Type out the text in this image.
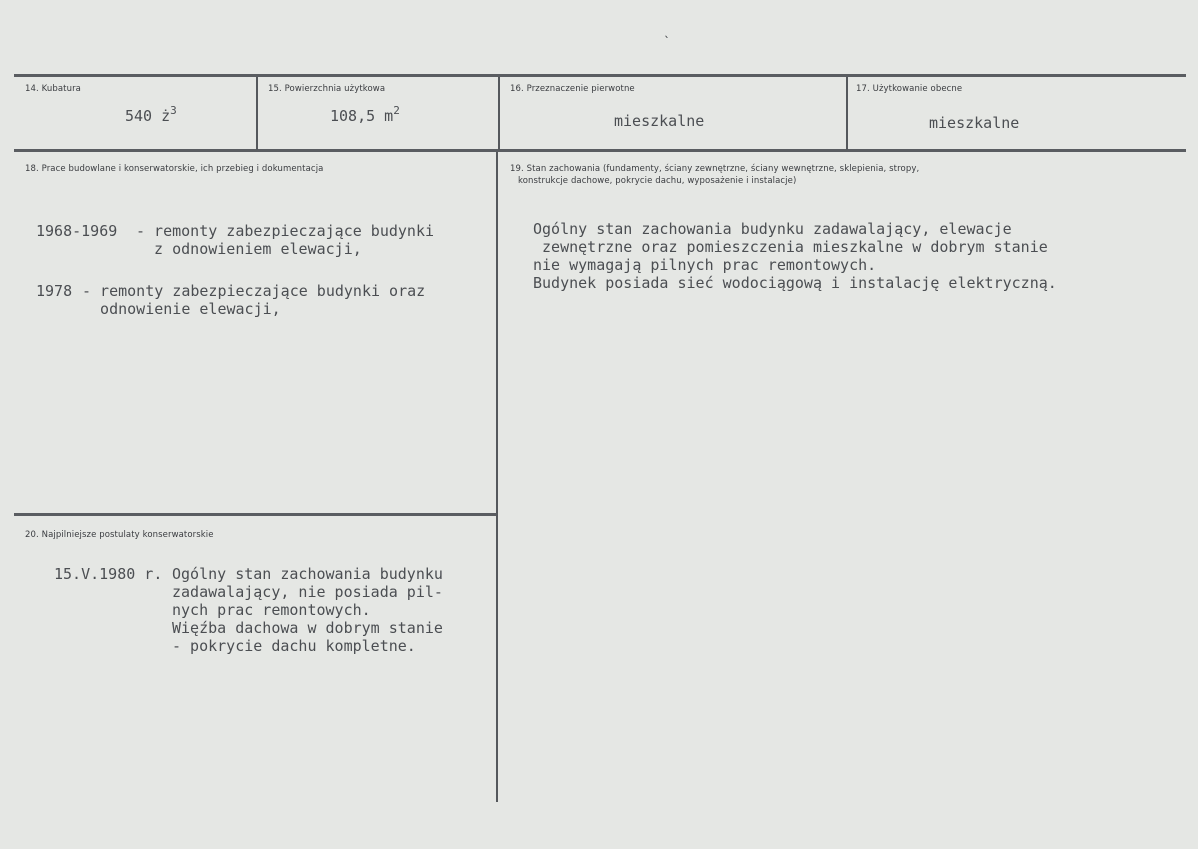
ˎ
14. Kubatura
540 $ż^3$
15. Powierzchnia użytkowa
108,5 $m^2$
16. Przeznaczenie pierwotne
mieszkalne
17. Użytkowanie obecne
mieszkalne
18. Prace budowlane i konserwatorskie, ich przebieg i dokumentacja
1968-1969 - remonty zabezpieczające budynki
z odnowieniem elewacji,
1978 - remonty zabezpieczające budynki oraz
odnowienie elewacji,
19. Stan zachowania (fundamenty, ściany zewnętrzne, ściany wewnętrzne, sklepienia, stropy,
konstrukcje dachowe, pokrycie dachu, wyposażenie i instalacje)
Ogólny stan zachowania budynku zadawalający, elewacje
zewnętrzne oraz pomieszczenia mieszkalne w dobrym stanie
nie wymagają pilnych prac remontowych.
Budynek posiada sieć wodociągową i instalację elektryczną.
20. Najpilniejsze postulaty konserwatorskie
15.V.1980 r. Ogólny stan zachowania budynku
zadawalający, nie posiada pil-
nych prac remontowych.
Więźba dachowa w dobrym stanie
- pokrycie dachu kompletne.
